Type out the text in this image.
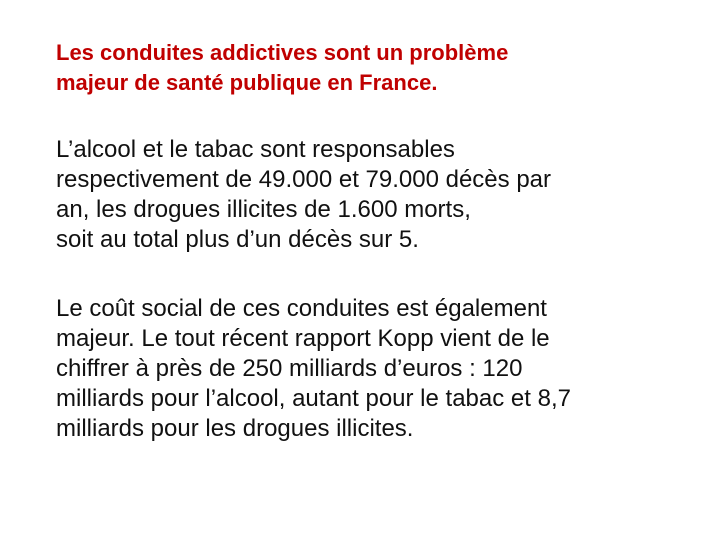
Les conduites addictives sont un problème
majeur de santé publique en France.

L’alcool et le tabac sont responsables
respectivement de 49.000 et 79.000 décès par
an, les drogues illicites de 1.600 morts,
soit au total plus d’un décès sur 5.

Le coût social de ces conduites est également
majeur. Le tout récent rapport Kopp vient de le
chiffrer à près de 250 milliards d’euros : 120
milliards pour l’alcool, autant pour le tabac et 8,7
milliards pour les drogues illicites.
